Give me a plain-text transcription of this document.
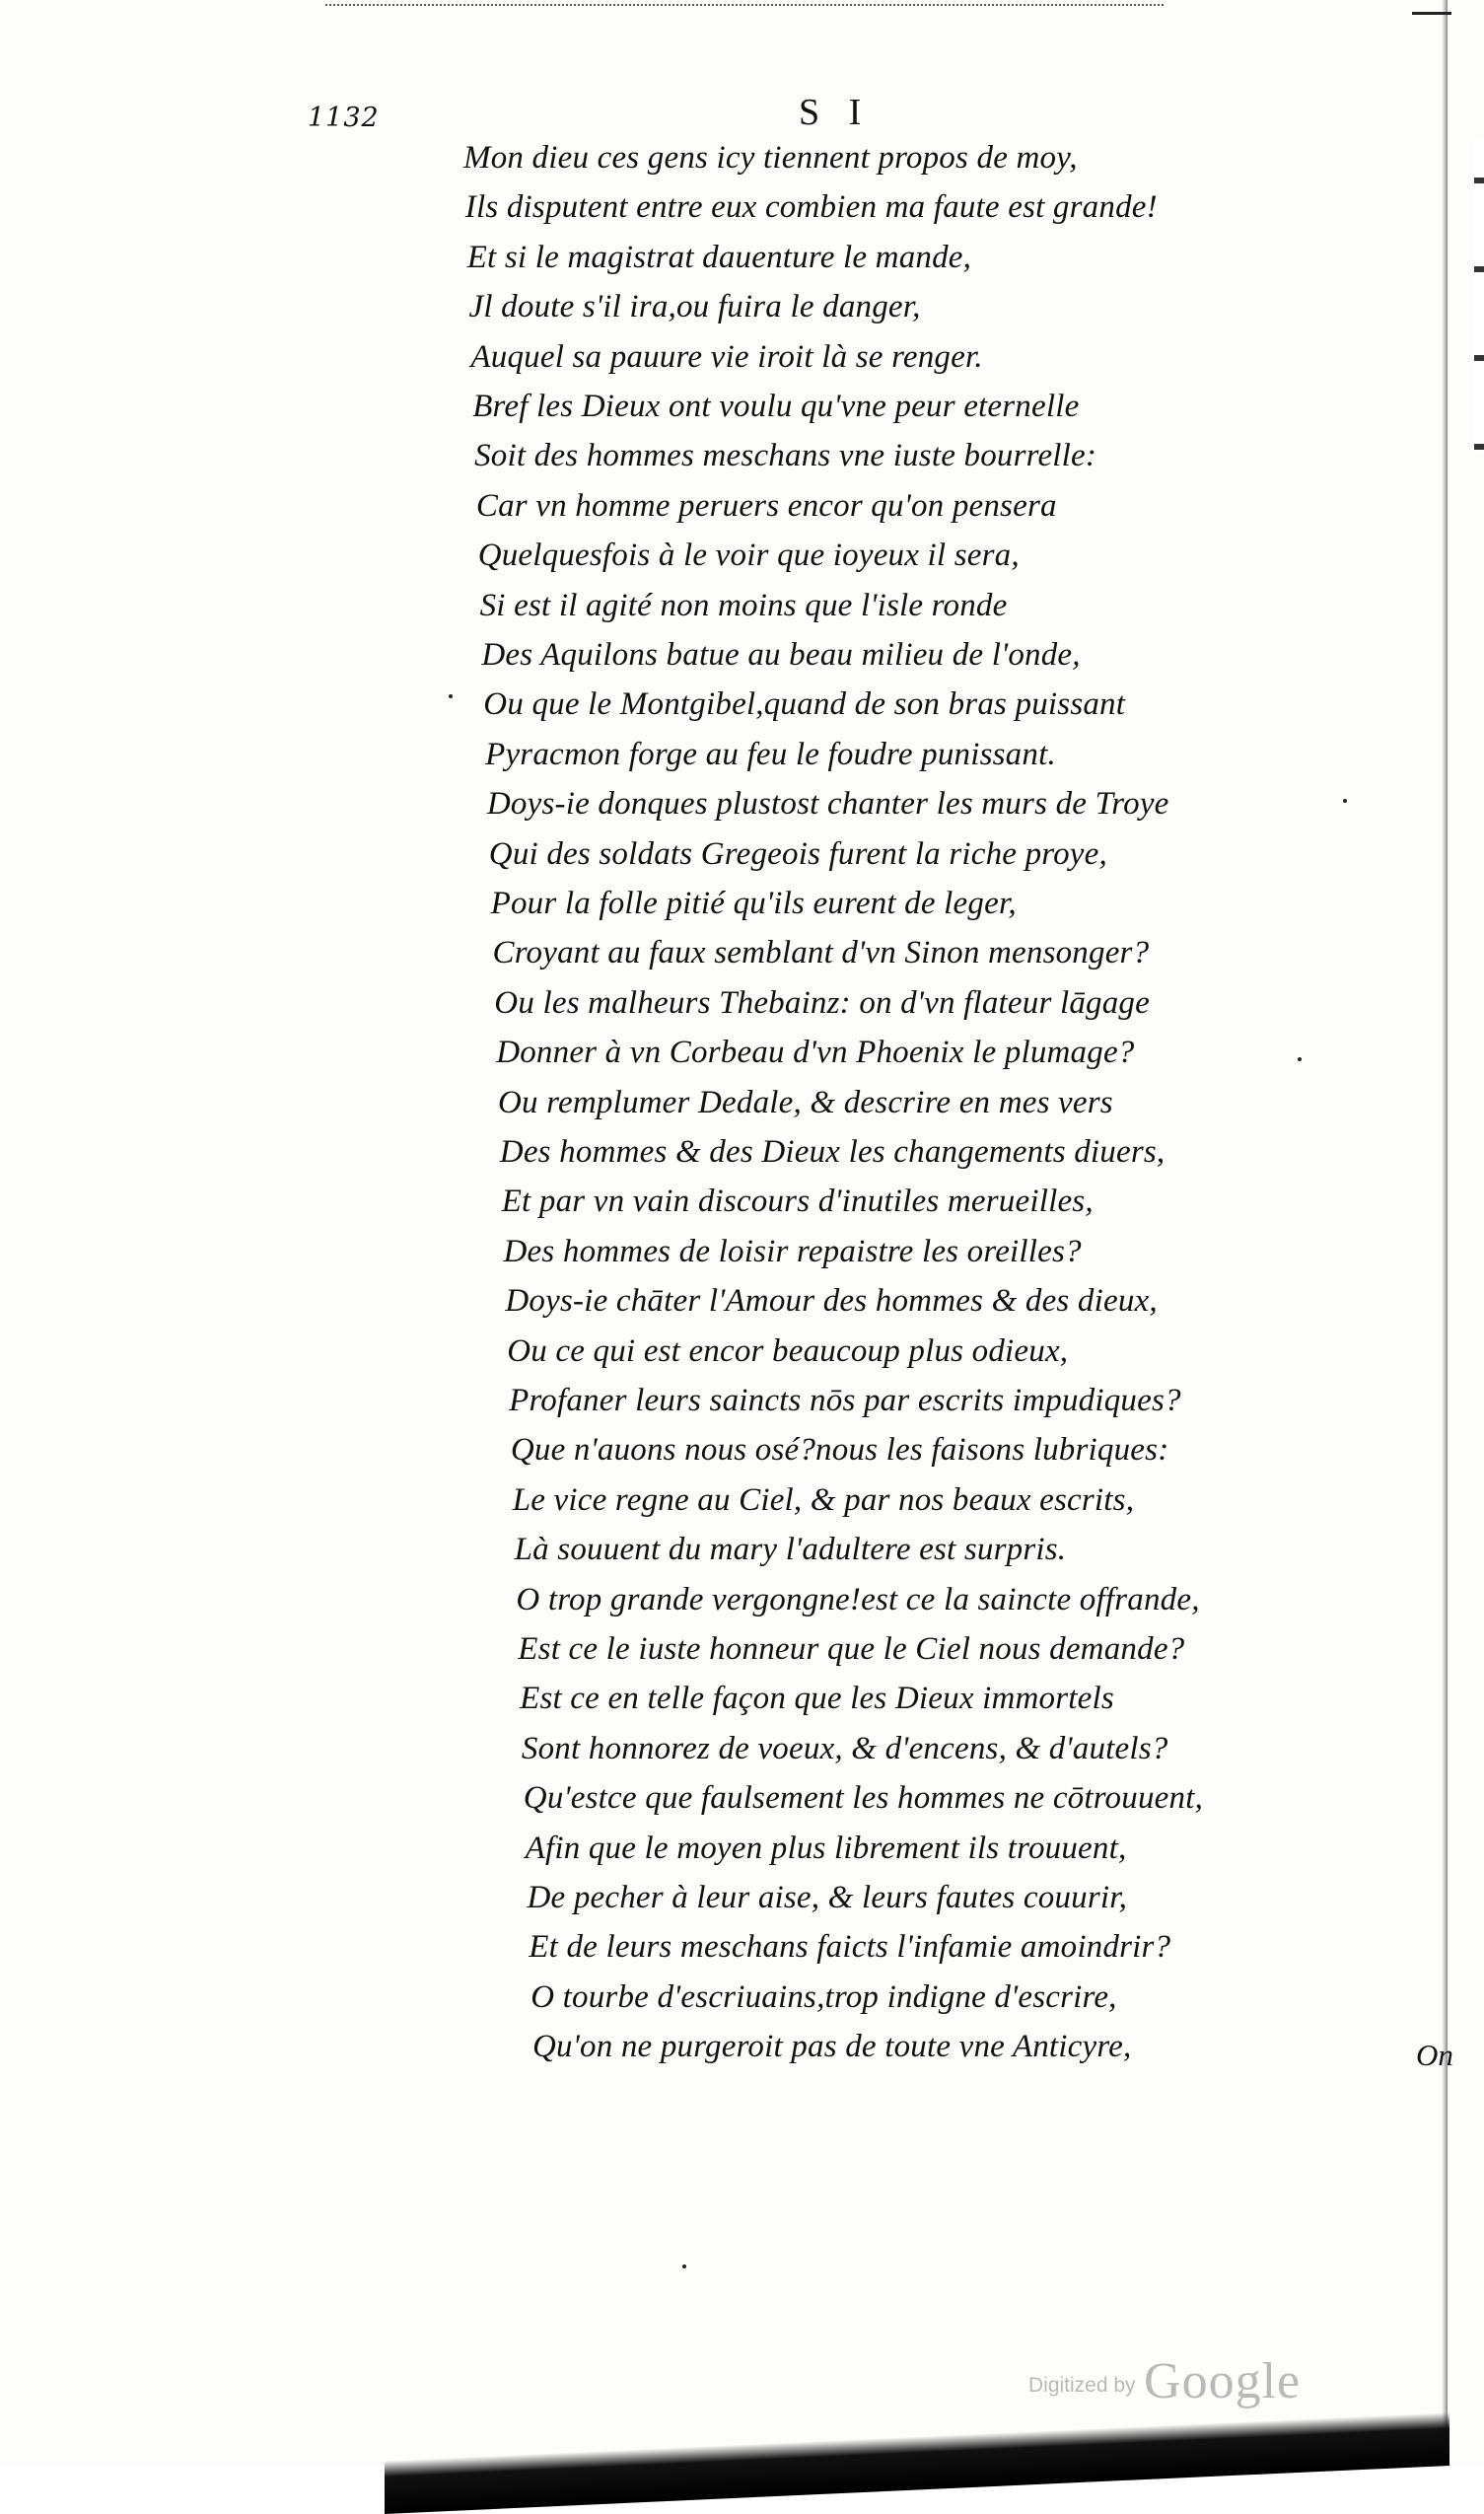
1132	S I
Mon dieu ces gens icy tiennent propos de moy,
Ils disputent entre eux combien ma faute est grande!
Et si le magistrat dauenture le mande,
Jl doute s'il ira,ou fuira le danger,
Auquel sa pauure vie iroit là se renger.
Bref les Dieux ont voulu qu'vne peur eternelle
Soit des hommes meschans vne iuste bourrelle:
Car vn homme peruers encor qu'on pensera
Quelquesfois à le voir que ioyeux il sera,
Si est il agité non moins que l'isle ronde
Des Aquilons batue au beau milieu de l'onde,
Ou que le Montgibel,quand de son bras puissant
Pyracmon forge au feu le foudre punissant.
Doys-ie donques plustost chanter les murs de Troye
Qui des soldats Gregeois furent la riche proye,
Pour la folle pitié qu'ils eurent de leger,
Croyant au faux semblant d'vn Sinon mensonger?
Ou les malheurs Thebainz: on d'vn flateur lāgage
Donner à vn Corbeau d'vn Phoenix le plumage?
Ou remplumer Dedale, & descrire en mes vers
Des hommes & des Dieux les changements diuers,
Et par vn vain discours d'inutiles merueilles,
Des hommes de loisir repaistre les oreilles?
Doys-ie chāter l'Amour des hommes & des dieux,
Ou ce qui est encor beaucoup plus odieux,
Profaner leurs saincts nōs par escrits impudiques?
Que n'auons nous osé?nous les faisons lubriques:
Le vice regne au Ciel, & par nos beaux escrits,
Là souuent du mary l'adultere est surpris.
O trop grande vergongne!est ce la saincte offrande,
Est ce le iuste honneur que le Ciel nous demande?
Est ce en telle façon que les Dieux immortels
Sont honnorez de voeux, & d'encens, & d'autels?
Qu'estce que faulsement les hommes ne cōtrouuent,
Afin que le moyen plus librement ils trouuent,
De pecher à leur aise, & leurs fautes couurir,
Et de leurs meschans faicts l'infamie amoindrir?
O tourbe d'escriuains,trop indigne d'escrire,
Qu'on ne purgeroit pas de toute vne Anticyre,	On
Digitized by Google
